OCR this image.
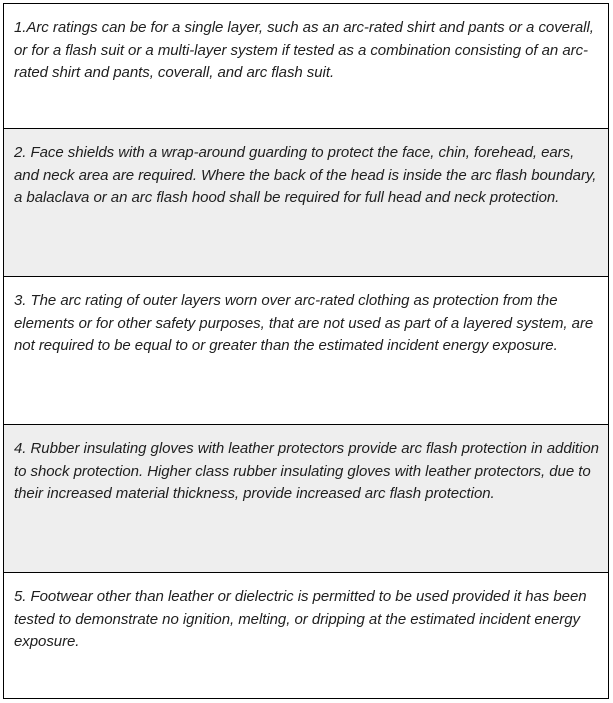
1.Arc ratings can be for a single layer, such as an arc-rated shirt and pants or a coverall, or for a flash suit or a multi-layer system if tested as a combination consisting of an arc-rated shirt and pants, coverall, and arc flash suit.

2. Face shields with a wrap-around guarding to protect the face, chin, forehead, ears, and neck area are required. Where the back of the head is inside the arc flash boundary, a balaclava or an arc flash hood shall be required for full head and neck protection.

3. The arc rating of outer layers worn over arc-rated clothing as protection from the elements or for other safety purposes, that are not used as part of a layered system, are not required to be equal to or greater than the estimated incident energy exposure.

4. Rubber insulating gloves with leather protectors provide arc flash protection in addition to shock protection. Higher class rubber insulating gloves with leather protectors, due to their increased material thickness, provide increased arc flash protection.

5. Footwear other than leather or dielectric is permitted to be used provided it has been tested to demonstrate no ignition, melting, or dripping at the estimated incident energy exposure.
